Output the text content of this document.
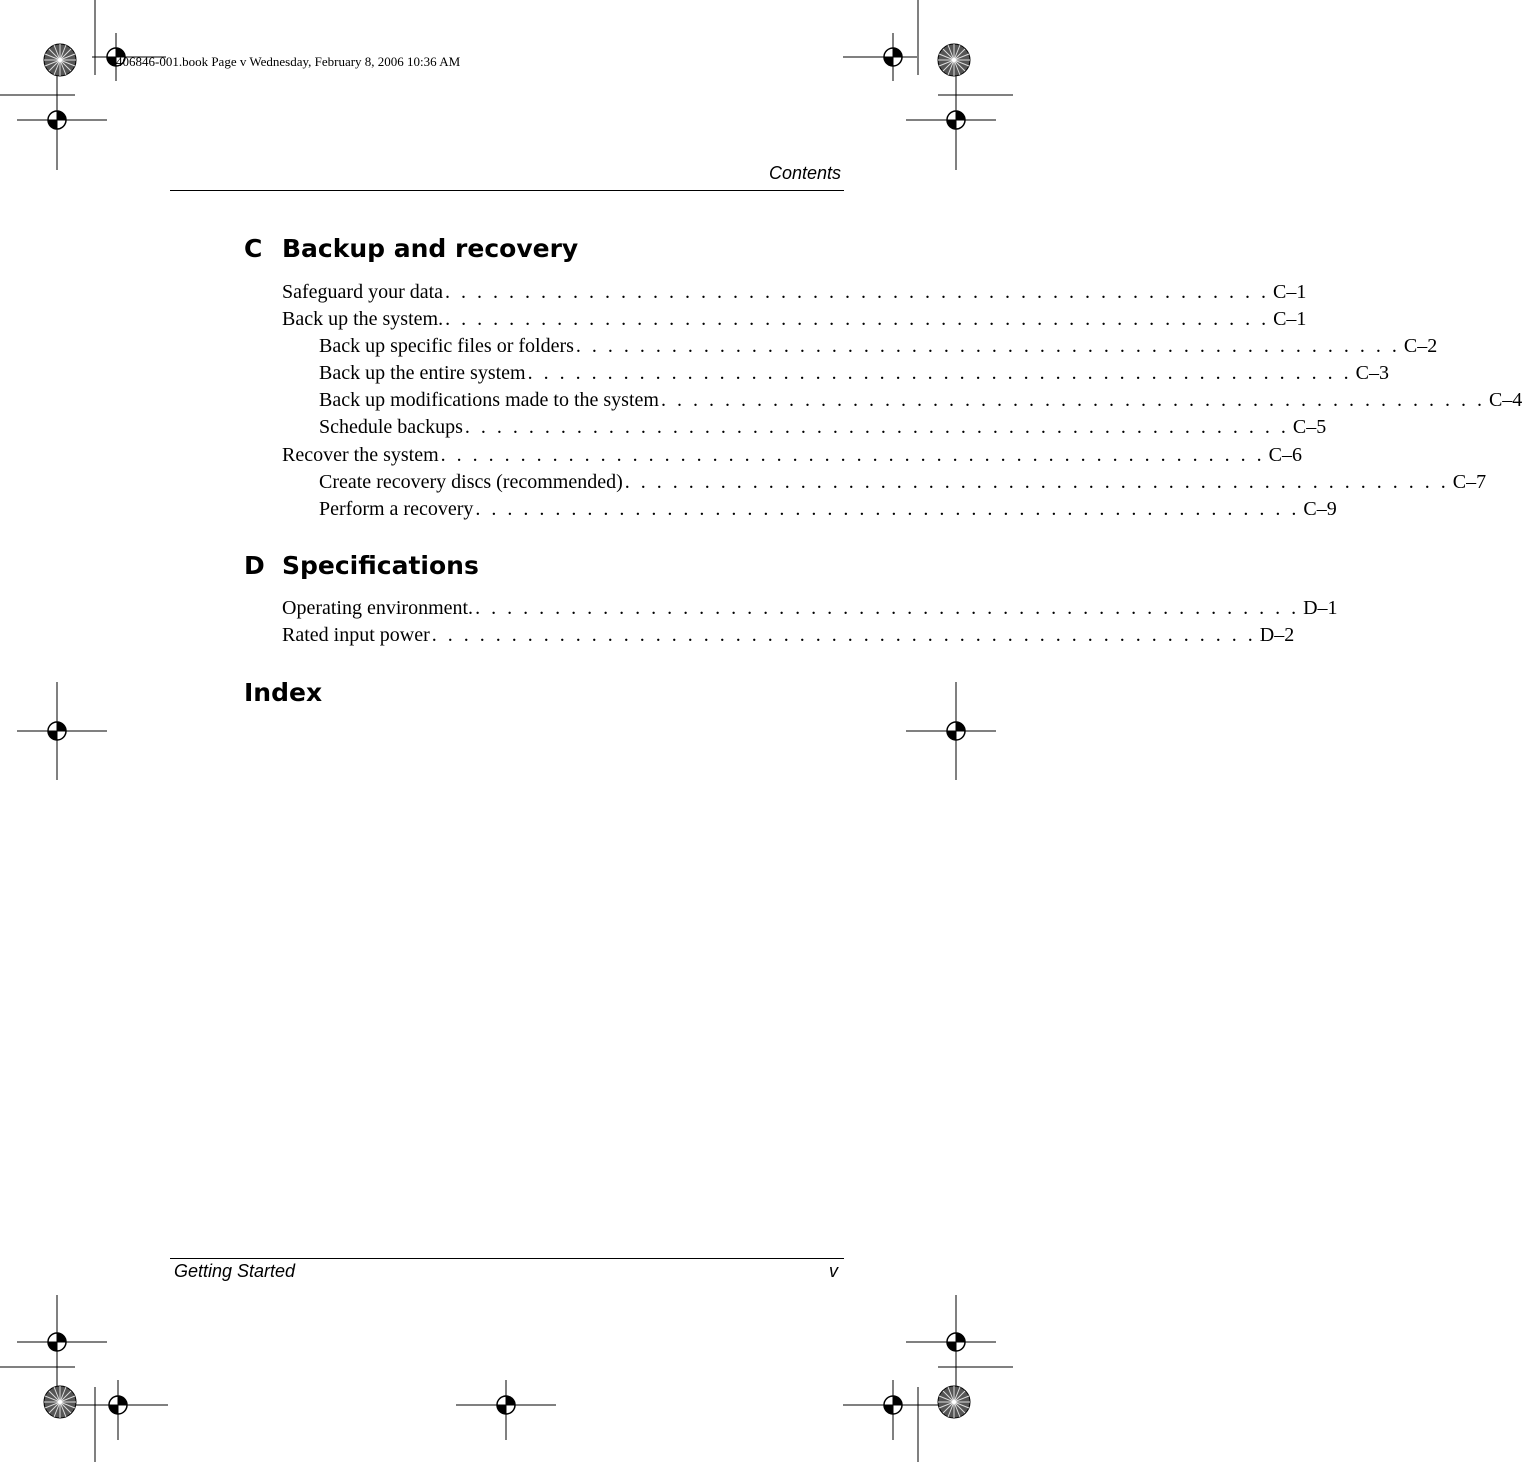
406846-001.book Page v Wednesday, February 8, 2006 10:36 AM
Contents
C Backup and recovery
Safeguard your data . . . . . . . . . . . . . . . . . . . . . . . . . . . . . . . . . . . . . . . . . . . . . . . . . . . . C–1
Back up the system. . . . . . . . . . . . . . . . . . . . . . . . . . . . . . . . . . . . . . . . . . . . . . . . . . . . . C–1
Back up specific files or folders . . . . . . . . . . . . . . . . . . . . . . . . . . . . . . . . . . . . . . . . . . . . . . . . . . . . C–2
Back up the entire system . . . . . . . . . . . . . . . . . . . . . . . . . . . . . . . . . . . . . . . . . . . . . . . . . . . . C–3
Back up modifications made to the system . . . . . . . . . . . . . . . . . . . . . . . . . . . . . . . . . . . . . . . . . . . . . . . . . . . . C–4
Schedule backups . . . . . . . . . . . . . . . . . . . . . . . . . . . . . . . . . . . . . . . . . . . . . . . . . . . . C–5
Recover the system . . . . . . . . . . . . . . . . . . . . . . . . . . . . . . . . . . . . . . . . . . . . . . . . . . . . C–6
Create recovery discs (recommended) . . . . . . . . . . . . . . . . . . . . . . . . . . . . . . . . . . . . . . . . . . . . . . . . . . . . C–7
Perform a recovery . . . . . . . . . . . . . . . . . . . . . . . . . . . . . . . . . . . . . . . . . . . . . . . . . . . . C–9
D Specifications
Operating environment. . . . . . . . . . . . . . . . . . . . . . . . . . . . . . . . . . . . . . . . . . . . . . . . . . . . . D–1
Rated input power . . . . . . . . . . . . . . . . . . . . . . . . . . . . . . . . . . . . . . . . . . . . . . . . . . . . D–2
Index
Getting Started	v
